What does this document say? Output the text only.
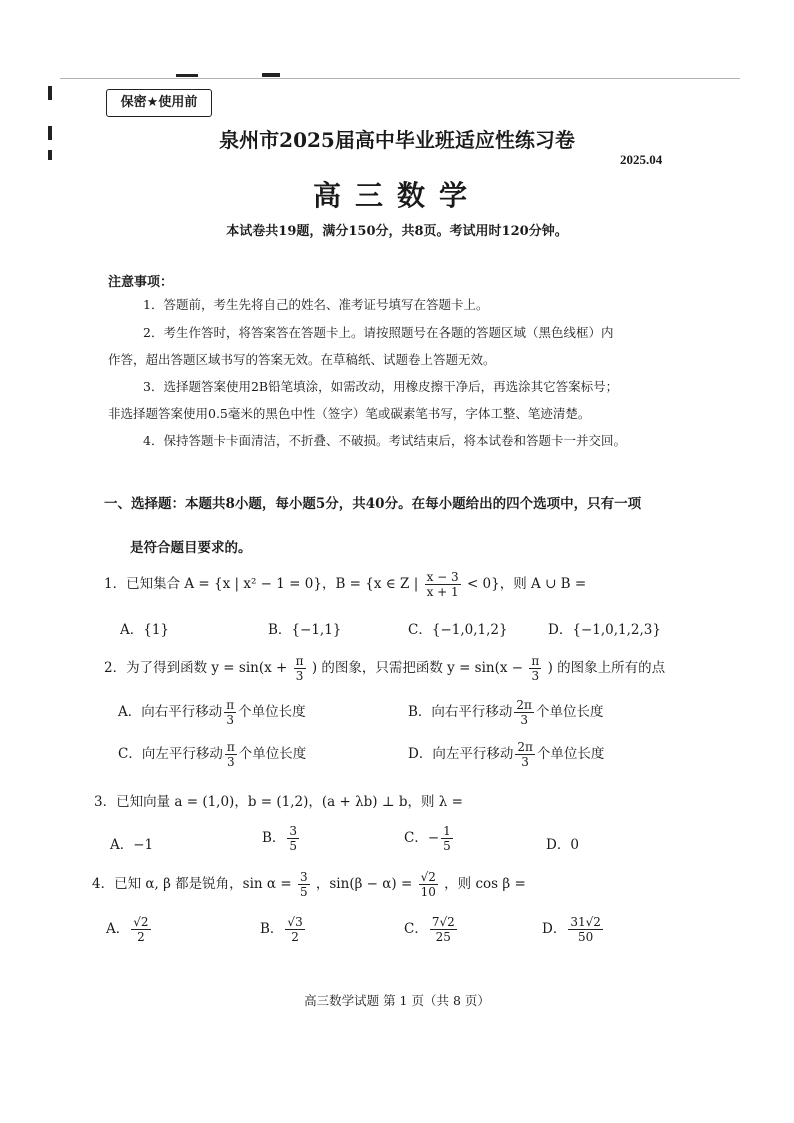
保密★使用前
泉州市2025届高中毕业班适应性练习卷
2025.04
高三数学
本试卷共19题，满分150分，共8页。考试用时120分钟。
注意事项：
1．答题前，考生先将自己的姓名、准考证号填写在答题卡上。
2．考生作答时，将答案答在答题卡上。请按照题号在各题的答题区域（黑色线框）内
作答，超出答题区域书写的答案无效。在草稿纸、试题卷上答题无效。
3．选择题答案使用2B铅笔填涂，如需改动，用橡皮擦干净后，再选涂其它答案标号；
非选择题答案使用0.5毫米的黑色中性（签字）笔或碳素笔书写，字体工整、笔迹清楚。
4．保持答题卡卡面清洁，不折叠、不破损。考试结束后，将本试卷和答题卡一并交回。
一、选择题：本题共8小题，每小题5分，共40分。在每小题给出的四个选项中，只有一项
是符合题目要求的。
1．已知集合 A = {x | x² − 1 = 0}，B = {x ∈ Z | $\frac{x - 3}{x + 1} < 0$}，则 A ∪ B =
A．{1}	B．{−1,1}	C．{−1,0,1,2}	D．{−1,0,1,2,3}
2．为了得到函数 $y = \sin(x + \frac{\pi}{3}$ ) 的图象，只需把函数 $y = \sin(x - \frac{\pi}{3}$ ) 的图象上所有的点
A．向右平行移动 $\frac{\pi}{3}$ 个单位长度	B．向右平行移动 $\frac{2\pi}{3}$ 个单位长度
C．向左平行移动 $\frac{\pi}{3}$ 个单位长度	D．向左平行移动 $\frac{2\pi}{3}$ 个单位长度
3．已知向量 a = (1,0)，b = (1,2)，(a + λb) ⊥ b，则 λ =
A．−1	B． $\frac{3}{5}$	C．− $\frac{1}{5}$	D．0
4．已知 α, β 都是锐角，$\sin \alpha = \frac{3}{5}$ ，$\sin(\beta - \alpha) = \frac{√2}{10}$ ，则 cos β =
A． $\frac{√2}{2}$	B． $\frac{√3}{2}$	C． $\frac{7√2}{25}$	D． $\frac{31√2}{50}$
高三数学试题 第 1 页（共 8 页）
